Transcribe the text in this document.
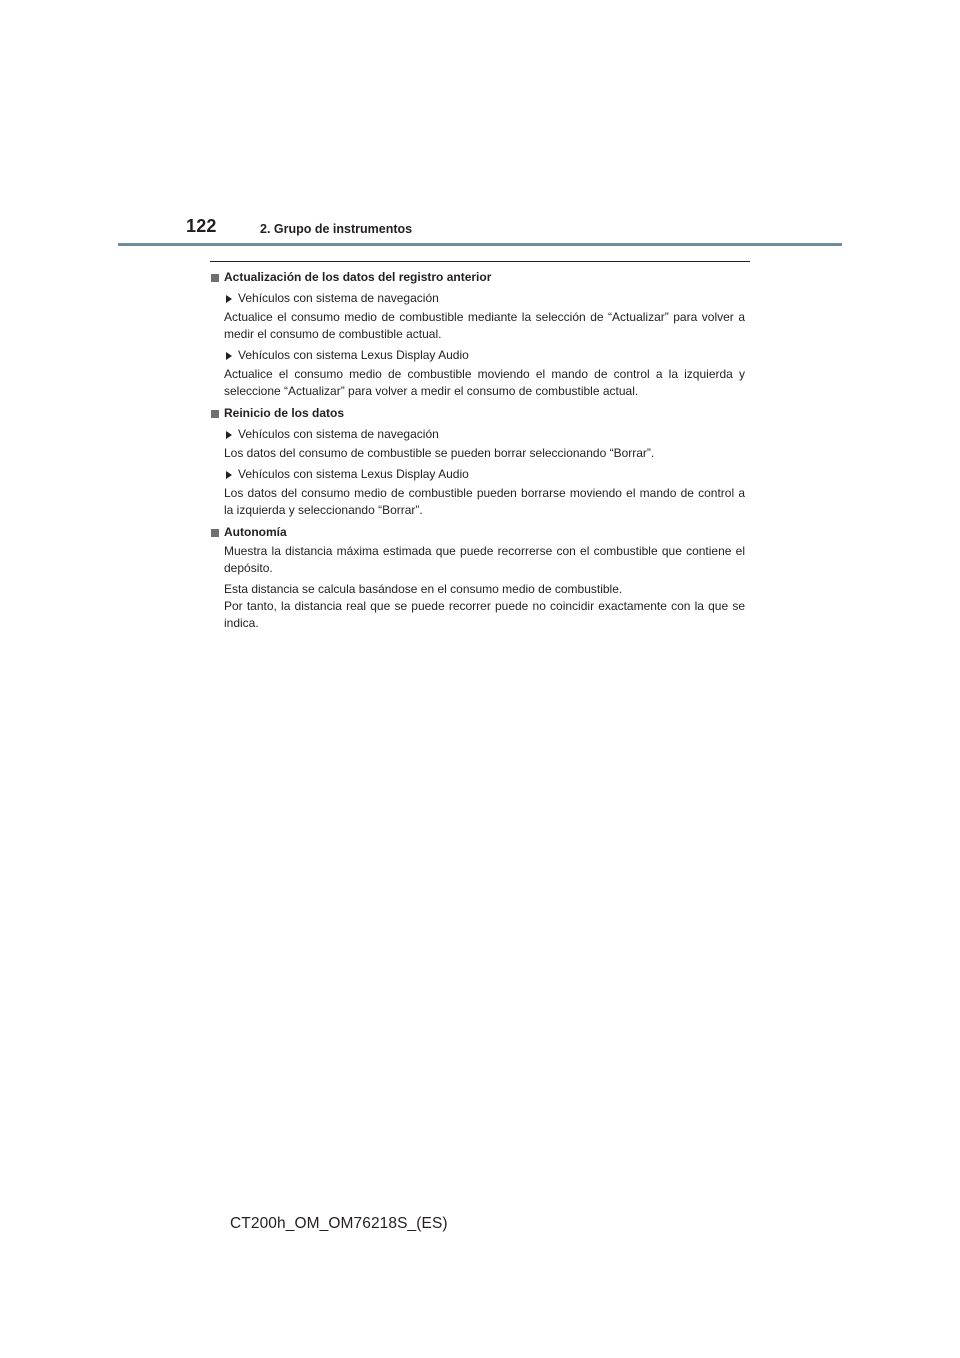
122	2. Grupo de instrumentos
Actualización de los datos del registro anterior
Vehículos con sistema de navegación
Actualice el consumo medio de combustible mediante la selección de “Actualizar” para volver a medir el consumo de combustible actual.
Vehículos con sistema Lexus Display Audio
Actualice el consumo medio de combustible moviendo el mando de control a la izquierda y seleccione “Actualizar” para volver a medir el consumo de combustible actual.
Reinicio de los datos
Vehículos con sistema de navegación
Los datos del consumo de combustible se pueden borrar seleccionando “Borrar”.
Vehículos con sistema Lexus Display Audio
Los datos del consumo medio de combustible pueden borrarse moviendo el mando de control a la izquierda y seleccionando “Borrar”.
Autonomía
Muestra la distancia máxima estimada que puede recorrerse con el combustible que contiene el depósito.
Esta distancia se calcula basándose en el consumo medio de combustible.
Por tanto, la distancia real que se puede recorrer puede no coincidir exactamente con la que se indica.
CT200h_OM_OM76218S_(ES)
